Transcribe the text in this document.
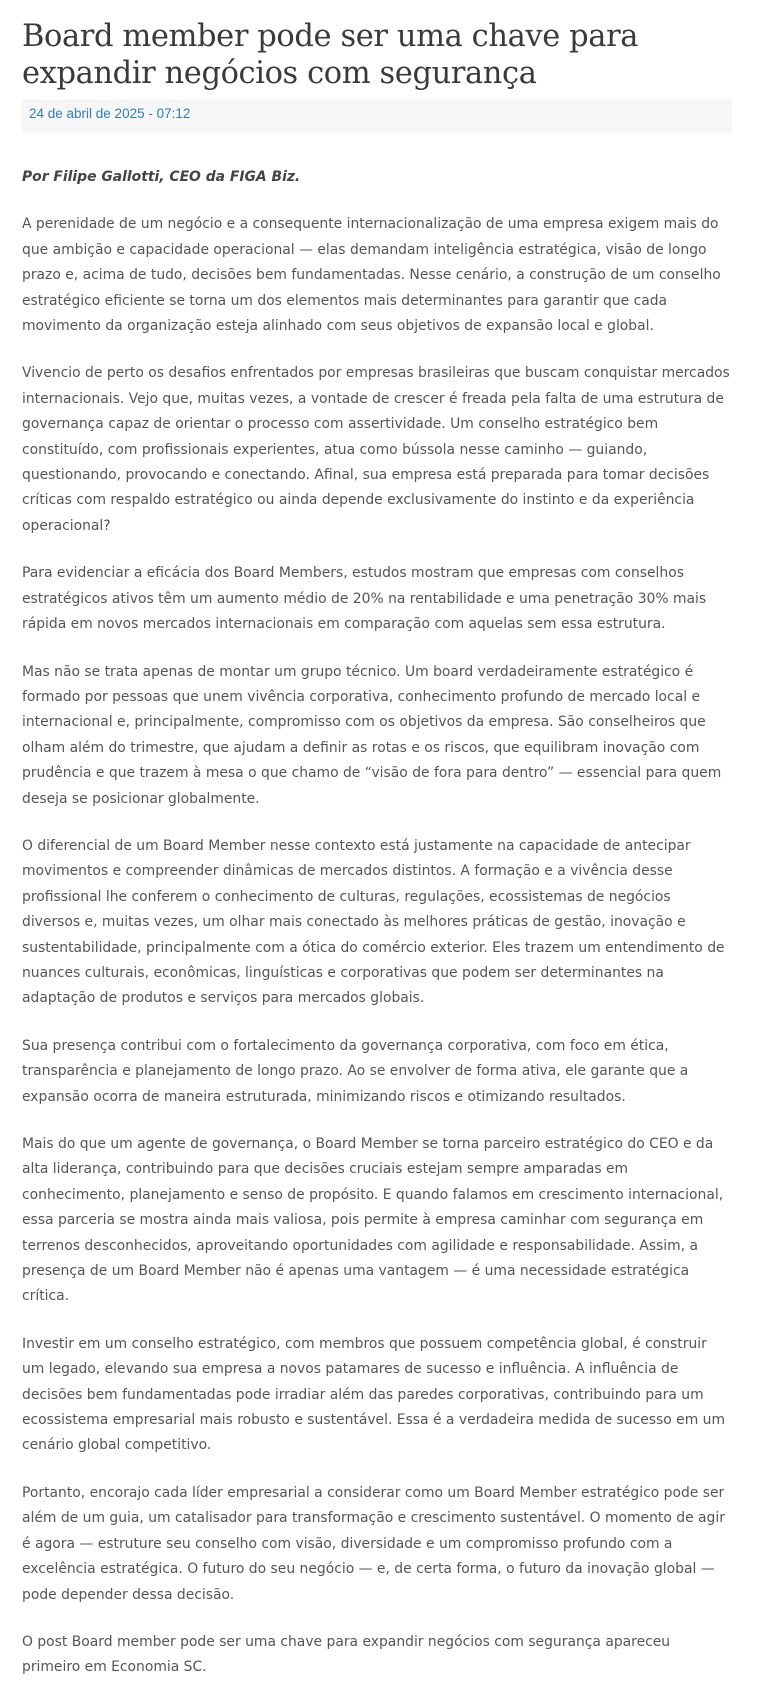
Board member pode ser uma chave para expandir negócios com segurança
24 de abril de 2025 - 07:12

Por Filipe Gallotti, CEO da FIGA Biz.

A perenidade de um negócio e a consequente internacionalização de uma empresa exigem mais do que ambição e capacidade operacional — elas demandam inteligência estratégica, visão de longo prazo e, acima de tudo, decisões bem fundamentadas. Nesse cenário, a construção de um conselho estratégico eficiente se torna um dos elementos mais determinantes para garantir que cada movimento da organização esteja alinhado com seus objetivos de expansão local e global.

Vivencio de perto os desafios enfrentados por empresas brasileiras que buscam conquistar mercados internacionais. Vejo que, muitas vezes, a vontade de crescer é freada pela falta de uma estrutura de governança capaz de orientar o processo com assertividade. Um conselho estratégico bem constituído, com profissionais experientes, atua como bússola nesse caminho — guiando, questionando, provocando e conectando. Afinal, sua empresa está preparada para tomar decisões críticas com respaldo estratégico ou ainda depende exclusivamente do instinto e da experiência operacional?

Para evidenciar a eficácia dos Board Members, estudos mostram que empresas com conselhos estratégicos ativos têm um aumento médio de 20% na rentabilidade e uma penetração 30% mais rápida em novos mercados internacionais em comparação com aquelas sem essa estrutura.

Mas não se trata apenas de montar um grupo técnico. Um board verdadeiramente estratégico é formado por pessoas que unem vivência corporativa, conhecimento profundo de mercado local e internacional e, principalmente, compromisso com os objetivos da empresa. São conselheiros que olham além do trimestre, que ajudam a definir as rotas e os riscos, que equilibram inovação com prudência e que trazem à mesa o que chamo de “visão de fora para dentro” — essencial para quem deseja se posicionar globalmente.

O diferencial de um Board Member nesse contexto está justamente na capacidade de antecipar movimentos e compreender dinâmicas de mercados distintos. A formação e a vivência desse profissional lhe conferem o conhecimento de culturas, regulações, ecossistemas de negócios diversos e, muitas vezes, um olhar mais conectado às melhores práticas de gestão, inovação e sustentabilidade, principalmente com a ótica do comércio exterior. Eles trazem um entendimento de nuances culturais, econômicas, linguísticas e corporativas que podem ser determinantes na adaptação de produtos e serviços para mercados globais.

Sua presença contribui com o fortalecimento da governança corporativa, com foco em ética, transparência e planejamento de longo prazo. Ao se envolver de forma ativa, ele garante que a expansão ocorra de maneira estruturada, minimizando riscos e otimizando resultados.

Mais do que um agente de governança, o Board Member se torna parceiro estratégico do CEO e da alta liderança, contribuindo para que decisões cruciais estejam sempre amparadas em conhecimento, planejamento e senso de propósito. E quando falamos em crescimento internacional, essa parceria se mostra ainda mais valiosa, pois permite à empresa caminhar com segurança em terrenos desconhecidos, aproveitando oportunidades com agilidade e responsabilidade. Assim, a presença de um Board Member não é apenas uma vantagem — é uma necessidade estratégica crítica.

Investir em um conselho estratégico, com membros que possuem competência global, é construir um legado, elevando sua empresa a novos patamares de sucesso e influência. A influência de decisões bem fundamentadas pode irradiar além das paredes corporativas, contribuindo para um ecossistema empresarial mais robusto e sustentável. Essa é a verdadeira medida de sucesso em um cenário global competitivo.

Portanto, encorajo cada líder empresarial a considerar como um Board Member estratégico pode ser além de um guia, um catalisador para transformação e crescimento sustentável. O momento de agir é agora — estruture seu conselho com visão, diversidade e um compromisso profundo com a excelência estratégica. O futuro do seu negócio — e, de certa forma, o futuro da inovação global — pode depender dessa decisão.

O post Board member pode ser uma chave para expandir negócios com segurança apareceu primeiro em Economia SC.
